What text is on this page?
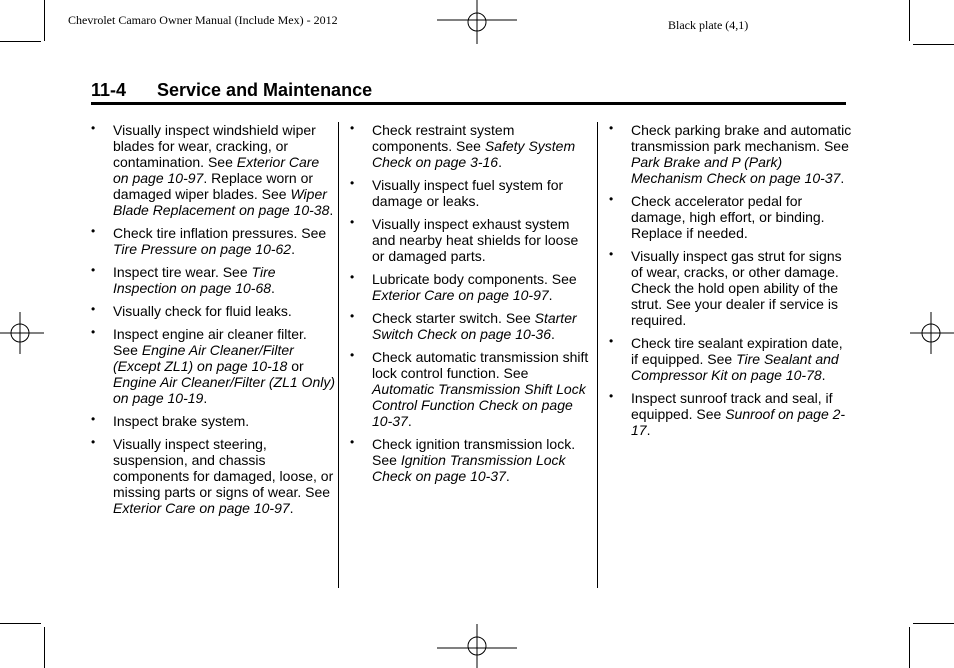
Chevrolet Camaro Owner Manual (Include Mex) - 2012	Black plate (4,1)
11-4 Service and Maintenance
• Visually inspect windshield wiper blades for wear, cracking, or contamination. See Exterior Care on page 10-97. Replace worn or damaged wiper blades. See Wiper Blade Replacement on page 10-38.
• Check tire inflation pressures. See Tire Pressure on page 10-62.
• Inspect tire wear. See Tire Inspection on page 10-68.
• Visually check for fluid leaks.
• Inspect engine air cleaner filter. See Engine Air Cleaner/Filter (Except ZL1) on page 10-18 or Engine Air Cleaner/Filter (ZL1 Only) on page 10-19.
• Inspect brake system.
• Visually inspect steering, suspension, and chassis components for damaged, loose, or missing parts or signs of wear. See Exterior Care on page 10-97.
• Check restraint system components. See Safety System Check on page 3-16.
• Visually inspect fuel system for damage or leaks.
• Visually inspect exhaust system and nearby heat shields for loose or damaged parts.
• Lubricate body components. See Exterior Care on page 10-97.
• Check starter switch. See Starter Switch Check on page 10-36.
• Check automatic transmission shift lock control function. See Automatic Transmission Shift Lock Control Function Check on page 10-37.
• Check ignition transmission lock. See Ignition Transmission Lock Check on page 10-37.
• Check parking brake and automatic transmission park mechanism. See Park Brake and P (Park) Mechanism Check on page 10-37.
• Check accelerator pedal for damage, high effort, or binding. Replace if needed.
• Visually inspect gas strut for signs of wear, cracks, or other damage. Check the hold open ability of the strut. See your dealer if service is required.
• Check tire sealant expiration date, if equipped. See Tire Sealant and Compressor Kit on page 10-78.
• Inspect sunroof track and seal, if equipped. See Sunroof on page 2-17.
